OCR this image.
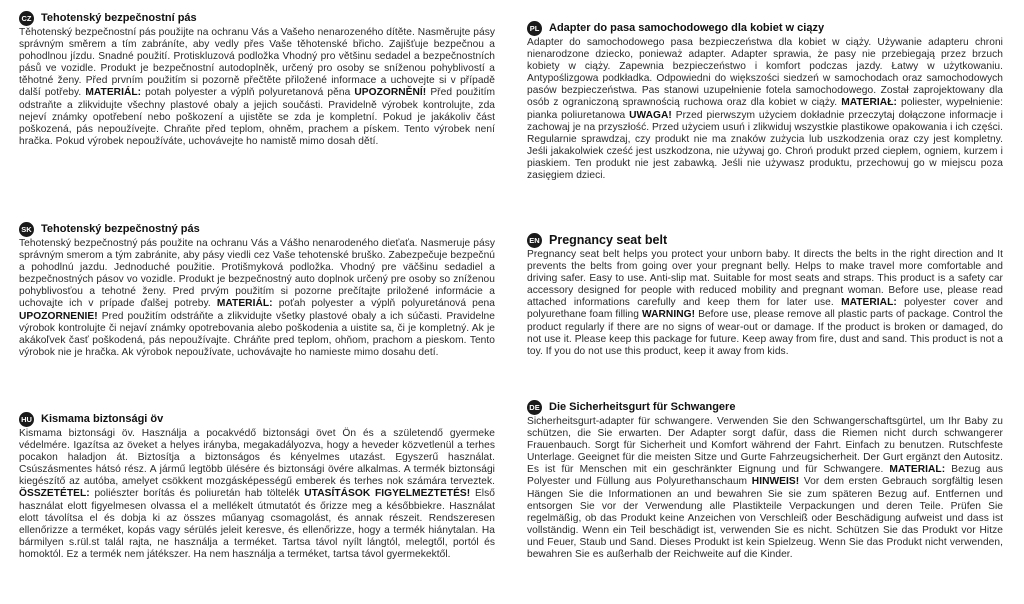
CZ Tehotenský bezpečnostní pás

Těhotenský bezpečnostní pás použijte na ochranu Vás a Vašeho nenarozeného dítěte. Nasměrujte pásy správným směrem a tím zabráníte, aby vedly přes Vaše těhotenské břicho. Zajišťuje bezpečnou a pohodlnou jízdu. Snadné použití. Protiskluzová podložka Vhodný pro většinu sedadel a bezpečnostních pásů ve vozidle. Produkt je bezpečnostní autodoplněk, určený pro osoby se sníženou pohyblivostí a těhotné ženy. Před prvním použitím si pozorně přečtěte přiložené informace a uchovejte si v případě další potřeby. MATERIÁL: potah polyester a výplň polyuretanová pěna UPOZORNĚNÍ! Před použitím odstraňte a zlikvidujte všechny plastové obaly a jejich součásti. Pravidelně výrobek kontrolujte, zda nejeví známky opotřebení nebo poškození a ujistěte se zda je kompletní. Pokud je jakákoliv část poškozená, pás nepoužívejte. Chraňte před teplom, ohněm, prachem a pískem. Tento výrobek není hračka. Pokud výrobek nepoužíváte, uchovávejte ho namistě mimo dosah dětí.

SK Tehotenský bezpečnostný pás

Tehotenský bezpečnostný pás použite na ochranu Vás a Vášho nenarodeného dieťaťa. Nasmeruje pásy správným smerom a tým zabránite, aby pásy viedli cez Vaše tehotenské bruško. Zabezpečuje bezpečnú a pohodlnú jazdu. Jednoduché použitie. Protišmyková podložka. Vhodný pre väčšinu sedadiel a bezpečnostných pásov vo vozidle. Produkt je bezpečnostný auto doplnok určený pre osoby so zníženou pohyblivosťou a tehotné ženy. Pred prvým použitím si pozorne prečítajte priložené informácie a uchovajte ich v prípade ďalšej potreby. MATERIÁL: poťah polyester a výplň polyuretánová pena UPOZORNENIE! Pred použitím odstráňte a zlikvidujte všetky plastové obaly a ich súčasti. Pravidelne výrobok kontrolujte či nejaví známky opotrebovania alebo poškodenia a uistite sa, či je kompletný. Ak je akákoľvek časť poškodená, pás nepoužívajte. Chráňte pred teplom, ohňom, prachom a pieskom. Tento výrobok nie je hračka. Ak výrobok nepoužívate, uchovávajte ho namieste mimo dosahu detí.

HU Kismama biztonsági öv

Kismama biztonsági öv. Használja a pocakvédő biztonsági övet Ön és a születendő gyermeke védelmére. Igazítsa az öveket a helyes irányba, megakadályozva, hogy a heveder közvetlenül a terhes pocakon haladjon át. Biztosítja a biztonságos és kényelmes utazást. Egyszerű használat. Csúszásmentes hátsó rész. A jármű legtöbb ülésére és biztonsági övére alkalmas. A termék biztonsági kiegészítő az autóba, amelyet csökkent mozgásképességű emberek és terhes nok számára terveztek. ÖSSZETÉTEL: poliészter borítás és poliuretán hab töltelék UTASÍTÁSOK FIGYELMEZTETÉS! Első használat elott figyelmesen olvassa el a mellékelt útmutatót és őrizze meg a későbbiekre. Használat elott távolítsa el és dobja ki az összes műanyag csomagolást, és annak részeit. Rendszeresen ellenőrizze a terméket, kopás vagy sérülés jeleit keresve, és ellenőrizze, hogy a termék hiánytalan. Ha bármilyen s.rül.st talál rajta, ne használja a terméket. Tartsa távol nyílt lángtól, melegtől, portól és homoktól. Ez a termék nem játékszer. Ha nem használja a terméket, tartsa távol gyermekektől.

PL Adapter do pasa samochodowego dla kobiet w ciązy

Adapter do samochodowego pasa bezpieczeństwa dla kobiet w ciąży. Używanie adapteru chroni nienarodzone dziecko, ponieważ adapter. Adapter sprawia, że pasy nie przebiegają przez brzuch kobiety w ciąży. Zapewnia bezpieczeństwo i komfort podczas jazdy. Łatwy w użytkowaniu. Antypoślizgowa podkładka. Odpowiedni do większości siedzeń w samochodach oraz samochodowych pasów bezpieczeństwa. Pas stanowi uzupełnienie fotela samochodowego. Został zaprojektowany dla osób z ograniczoną sprawnością ruchowa oraz dla kobiet w ciąży. MATERIAŁ: poliester, wypełnienie: pianka poliuretanowa UWAGA! Przed pierwszym użyciem dokładnie przeczytaj dołączone informacje i zachowaj je na przyszłość. Przed użyciem usuń i zlikwiduj wszystkie plastikowe opakowania i ich części. Regularnie sprawdzaj, czy produkt nie ma znaków zużycia lub uszkodzenia oraz czy jest kompletny. Jeśli jakakolwiek cześć jest uszkodzona, nie używaj go. Chroń produkt przed ciepłem, ogniem, kurzem i piaskiem. Ten produkt nie jest zabawką. Jeśli nie używasz produktu, przechowuj go w miejscu poza zasięgiem dzieci.

EN Pregnancy seat belt

Pregnancy seat belt helps you protect your unborn baby. It directs the belts in the right direction and It prevents the belts from going over your pregnant belly. Helps to make travel more comfortable and driving safer. Easy to use. Anti-slip mat. Suitable for most seats and straps. This product is a safety car accessory designed for people with reduced mobility and pregnant woman. Before use, please read attached informations carefully and keep them for later use. MATERIAL: polyester cover and polyurethane foam filling WARNING! Before use, please remove all plastic parts of package. Control the product regularly if there are no signs of wear-out or damage. If the product is broken or damaged, do not use it. Please keep this package for future. Keep away from fire, dust and sand. This product is not a toy. If you do not use this product, keep it away from kids.

DE Die Sicherheitsgurt für Schwangere

Sicherheitsgurt-adapter für schwangere. Verwenden Sie den Schwangerschaftsgürtel, um Ihr Baby zu schützen, die Sie erwarten. Der Adapter sorgt dafür, dass die Riemen nicht durch schwangerer Frauenbauch. Sorgt für Sicherheit und Komfort während der Fahrt. Einfach zu benutzen. Rutschfeste Unterlage. Geeignet für die meisten Sitze und Gurte Fahrzeugsicherheit. Der Gurt ergänzt den Autositz. Es ist für Menschen mit ein geschränkter Eignung und für Schwangere. MATERIAL: Bezug aus Polyester und Füllung aus Polyurethanschaum HINWEIS! Vor dem ersten Gebrauch sorgfältig lesen Hängen Sie die Informationen an und bewahren Sie sie zum späteren Bezug auf. Entfernen und entsorgen Sie vor der Verwendung alle Plastikteile Verpackungen und deren Teile. Prüfen Sie regelmäßig, ob das Produkt keine Anzeichen von Verschleiß oder Beschädigung aufweist und dass ist vollständig. Wenn ein Teil beschädigt ist, verwenden Sie es nicht. Schützen Sie das Produkt vor Hitze und Feuer, Staub und Sand. Dieses Produkt ist kein Spielzeug. Wenn Sie das Produkt nicht verwenden, bewahren Sie es außerhalb der Reichweite auf die Kinder.
